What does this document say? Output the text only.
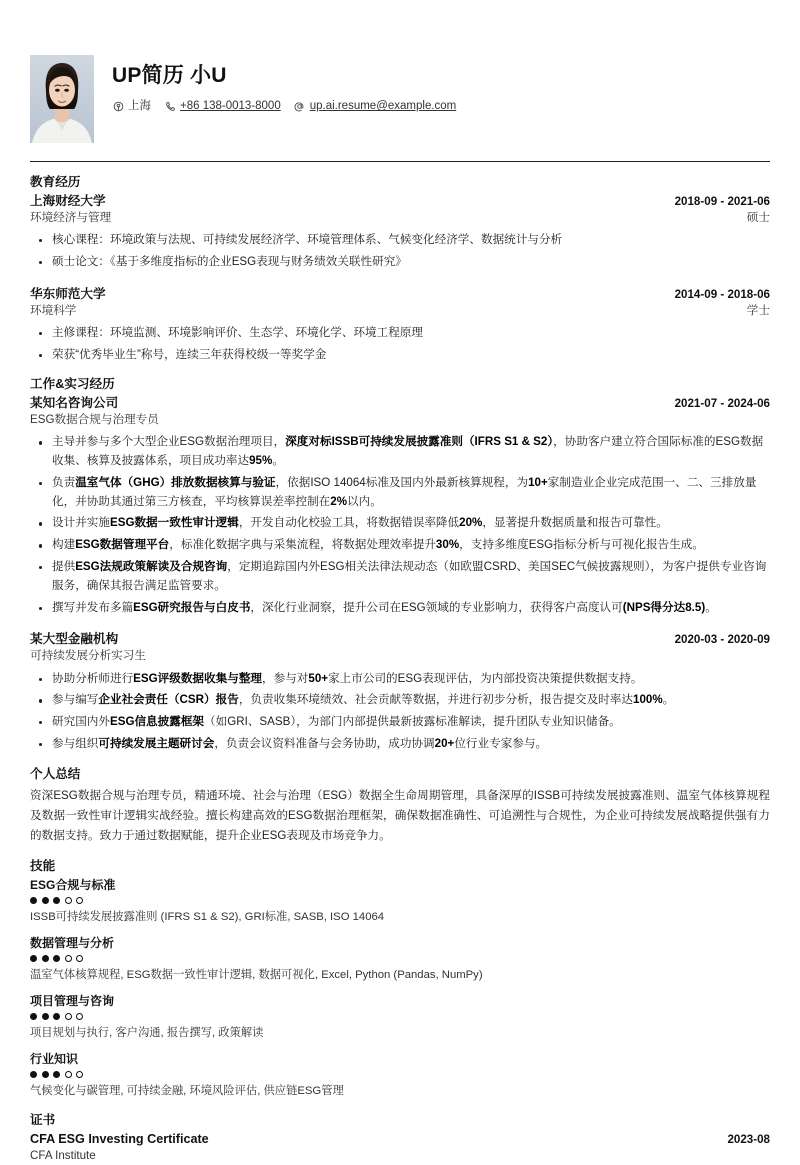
UP简历 小U
上海	+86 138-0013-8000	up.ai.resume@example.com
教育经历
上海财经大学	2018-09 - 2021-06
环境经济与管理	硕士
核心课程：环境政策与法规、可持续发展经济学、环境管理体系、气候变化经济学、数据统计与分析
硕士论文：《基于多维度指标的企业ESG表现与财务绩效关联性研究》
华东师范大学	2014-09 - 2018-06
环境科学	学士
主修课程：环境监测、环境影响评价、生态学、环境化学、环境工程原理
荣获“优秀毕业生”称号，连续三年获得校级一等奖学金
工作&实习经历
某知名咨询公司	2021-07 - 2024-06
ESG数据合规与治理专员
主导并参与多个大型企业ESG数据治理项目，深度对标ISSB可持续发展披露准则（IFRS S1 & S2），协助客户建立符合国际标准的ESG数据收集、核算及披露体系，项目成功率达95%。
负责温室气体（GHG）排放数据核算与验证，依据ISO 14064标准及国内外最新核算规程，为10+家制造业企业完成范围一、二、三排放量化，并协助其通过第三方核查，平均核算误差率控制在2%以内。
设计并实施ESG数据一致性审计逻辑，开发自动化校验工具，将数据错误率降低20%，显著提升数据质量和报告可靠性。
构建ESG数据管理平台，标准化数据字典与采集流程，将数据处理效率提升30%，支持多维度ESG指标分析与可视化报告生成。
提供ESG法规政策解读及合规咨询，定期追踪国内外ESG相关法律法规动态（如欧盟CSRD、美国SEC气候披露规则），为客户提供专业咨询服务，确保其报告满足监管要求。
撰写并发布多篇ESG研究报告与白皮书，深化行业洞察，提升公司在ESG领域的专业影响力，获得客户高度认可(NPS得分达8.5)。
某大型金融机构	2020-03 - 2020-09
可持续发展分析实习生
协助分析师进行ESG评级数据收集与整理，参与对50+家上市公司的ESG表现评估，为内部投资决策提供数据支持。
参与编写企业社会责任（CSR）报告，负责收集环境绩效、社会贡献等数据，并进行初步分析，报告提交及时率达100%。
研究国内外ESG信息披露框架（如GRI、SASB），为部门内部提供最新披露标准解读，提升团队专业知识储备。
参与组织可持续发展主题研讨会，负责会议资料准备与会务协助，成功协调20+位行业专家参与。
个人总结
资深ESG数据合规与治理专员，精通环境、社会与治理（ESG）数据全生命周期管理，具备深厚的ISSB可持续发展披露准则、温室气体核算规程及数据一致性审计逻辑实战经验。擅长构建高效的ESG数据治理框架，确保数据准确性、可追溯性与合规性，为企业可持续发展战略提供强有力的数据支持。致力于通过数据赋能，提升企业ESG表现及市场竞争力。
技能
ESG合规与标准
ISSB可持续发展披露准则 (IFRS S1 & S2), GRI标准, SASB, ISO 14064
数据管理与分析
温室气体核算规程, ESG数据一致性审计逻辑, 数据可视化, Excel, Python (Pandas, NumPy)
项目管理与咨询
项目规划与执行, 客户沟通, 报告撰写, 政策解读
行业知识
气候变化与碳管理, 可持续金融, 环境风险评估, 供应链ESG管理
证书
CFA ESG Investing Certificate	2023-08
CFA Institute
